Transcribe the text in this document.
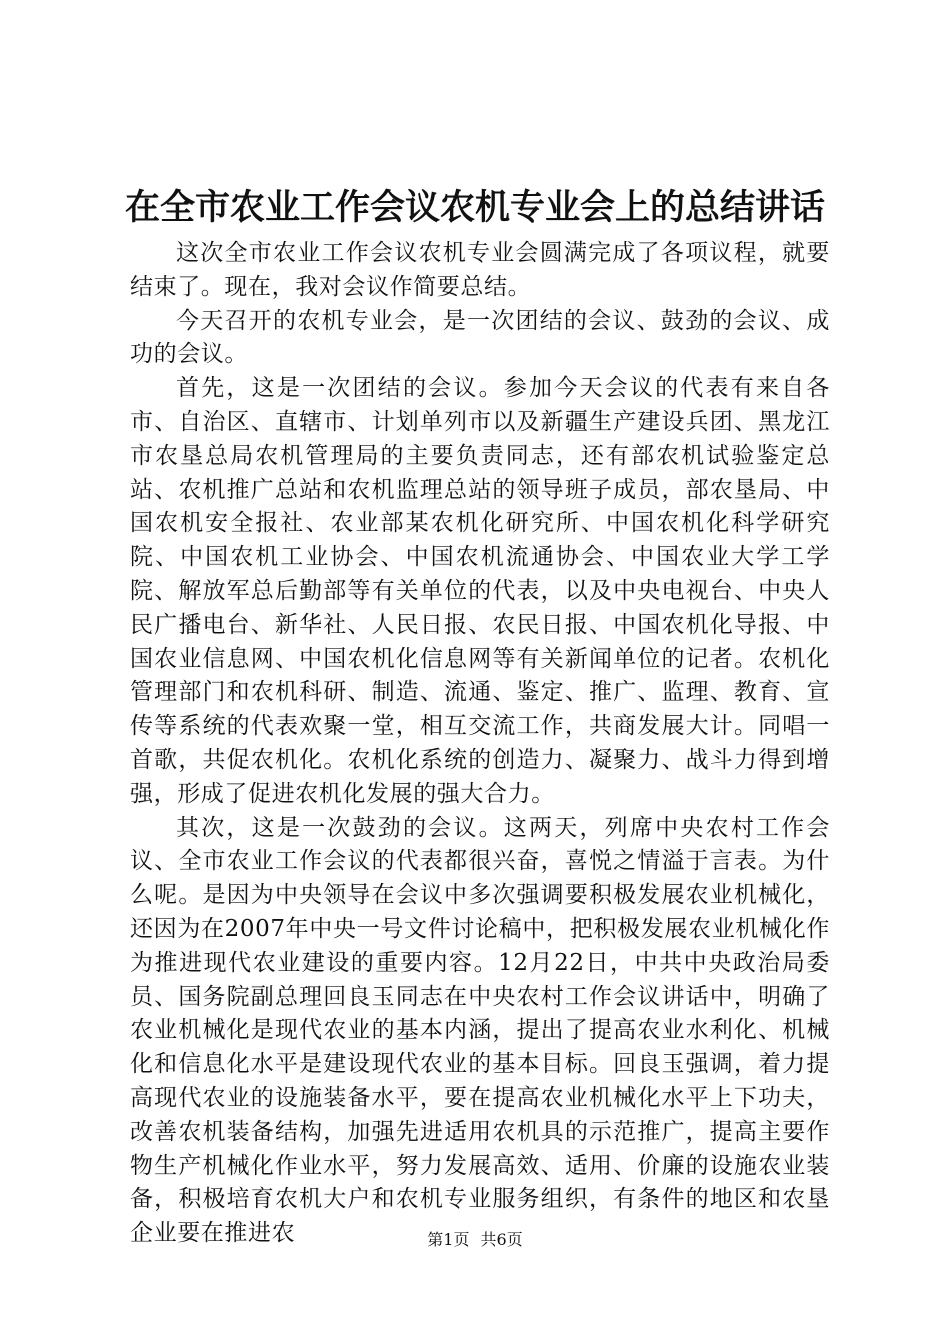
在全市农业工作会议农机专业会上的总结讲话

这次全市农业工作会议农机专业会圆满完成了各项议程，就要结束了。现在，我对会议作简要总结。

今天召开的农机专业会，是一次团结的会议、鼓劲的会议、成功的会议。

首先，这是一次团结的会议。参加今天会议的代表有来自各市、自治区、直辖市、计划单列市以及新疆生产建设兵团、黑龙江市农垦总局农机管理局的主要负责同志，还有部农机试验鉴定总站、农机推广总站和农机监理总站的领导班子成员，部农垦局、中国农机安全报社、农业部某农机化研究所、中国农机化科学研究院、中国农机工业协会、中国农机流通协会、中国农业大学工学院、解放军总后勤部等有关单位的代表，以及中央电视台、中央人民广播电台、新华社、人民日报、农民日报、中国农机化导报、中国农业信息网、中国农机化信息网等有关新闻单位的记者。农机化管理部门和农机科研、制造、流通、鉴定、推广、监理、教育、宣传等系统的代表欢聚一堂，相互交流工作，共商发展大计。同唱一首歌，共促农机化。农机化系统的创造力、凝聚力、战斗力得到增强，形成了促进农机化发展的强大合力。

其次，这是一次鼓劲的会议。这两天，列席中央农村工作会议、全市农业工作会议的代表都很兴奋，喜悦之情溢于言表。为什么呢。是因为中央领导在会议中多次强调要积极发展农业机械化，还因为在2007年中央一号文件讨论稿中，把积极发展农业机械化作为推进现代农业建设的重要内容。12月22日，中共中央政治局委员、国务院副总理回良玉同志在中央农村工作会议讲话中，明确了农业机械化是现代农业的基本内涵，提出了提高农业水利化、机械化和信息化水平是建设现代农业的基本目标。回良玉强调，着力提高现代农业的设施装备水平，要在提高农业机械化水平上下功夫，改善农机装备结构，加强先进适用农机具的示范推广，提高主要作物生产机械化作业水平，努力发展高效、适用、价廉的设施农业装备，积极培育农机大户和农机专业服务组织，有条件的地区和农垦企业要在推进农	第1页 共6页
